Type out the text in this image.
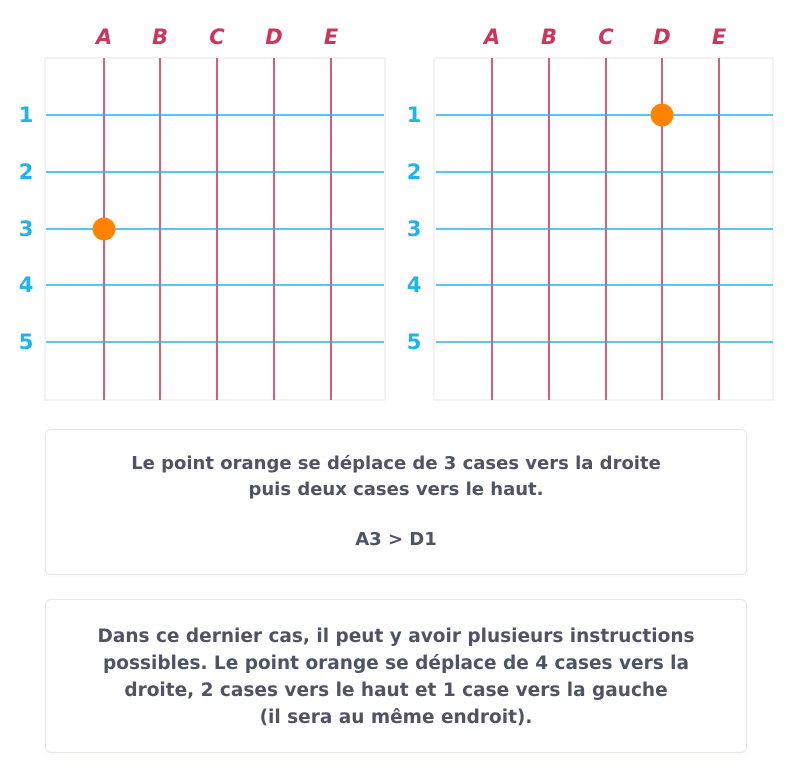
A B C D E
1
2
3
4
5
A B C D E
1
2
3
4
5
Le point orange se déplace de 3 cases vers la droite
puis deux cases vers le haut.
A3 > D1
Dans ce dernier cas, il peut y avoir plusieurs instructions
possibles. Le point orange se déplace de 4 cases vers la
droite, 2 cases vers le haut et 1 case vers la gauche
(il sera au même endroit).
